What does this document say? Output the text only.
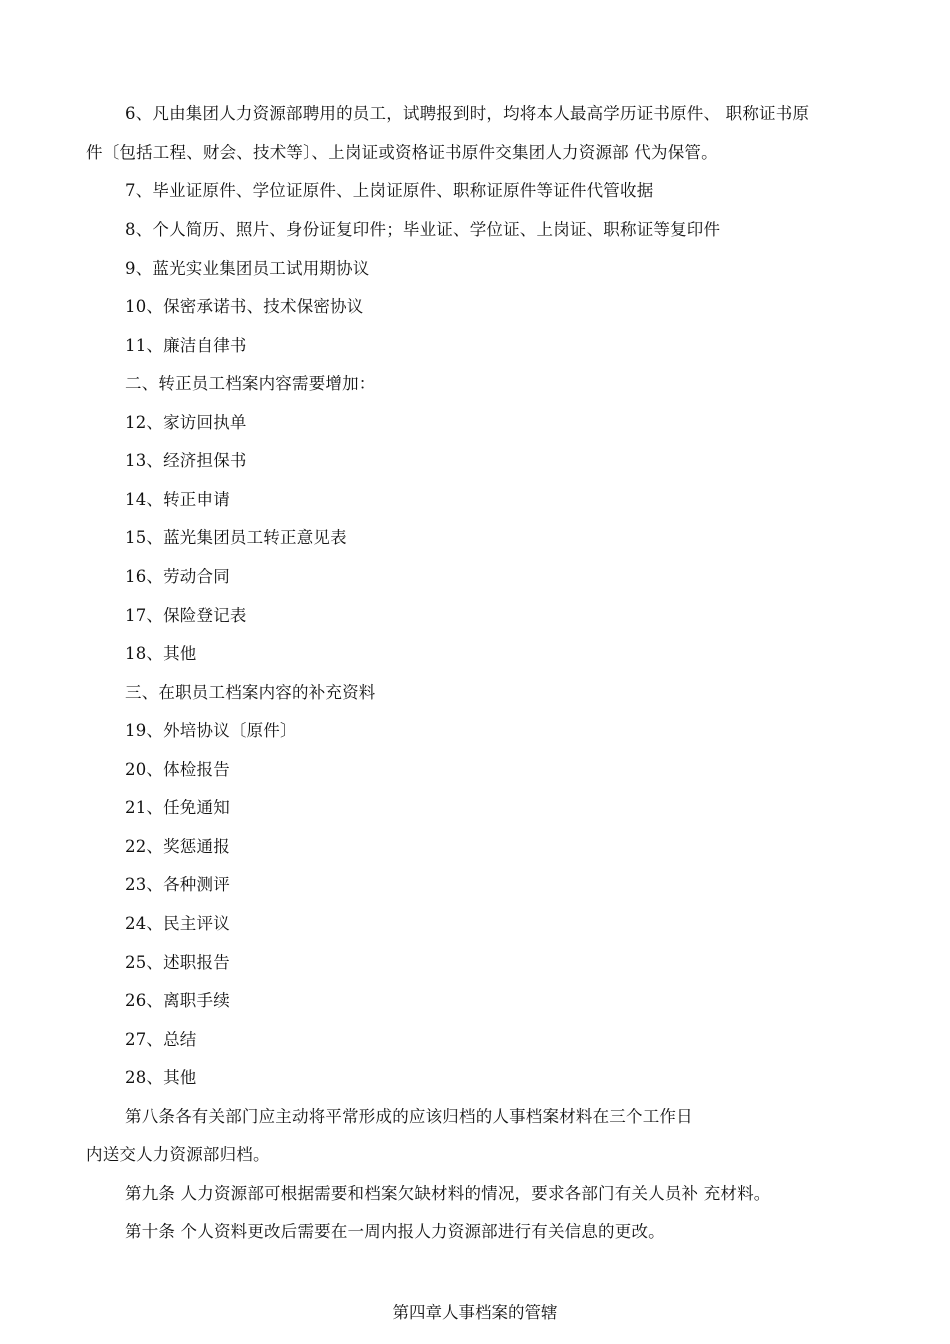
6、凡由集团人力资源部聘用的员工，试聘报到时，均将本人最高学历证书原件、 职称证书原
件〔包括工程、财会、技术等〕、上岗证或资格证书原件交集团人力资源部 代为保管。
7、毕业证原件、学位证原件、上岗证原件、职称证原件等证件代管收据
8、个人简历、照片、身份证复印件；毕业证、学位证、上岗证、职称证等复印件
9、蓝光实业集团员工试用期协议
10、保密承诺书、技术保密协议
11、廉洁自律书
二、转正员工档案内容需要增加：
12、家访回执单
13、经济担保书
14、转正申请
15、蓝光集团员工转正意见表
16、劳动合同
17、保险登记表
18、其他
三、在职员工档案内容的补充资料
19、外培协议〔原件〕
20、体检报告
21、任免通知
22、奖惩通报
23、各种测评
24、民主评议
25、述职报告
26、离职手续
27、总结
28、其他
第八条各有关部门应主动将平常形成的应该归档的人事档案材料在三个工作日
内送交人力资源部归档。
第九条 人力资源部可根据需要和档案欠缺材料的情况，要求各部门有关人员补 充材料。
第十条 个人资料更改后需要在一周内报人力资源部进行有关信息的更改。
第四章人事档案的管辖
